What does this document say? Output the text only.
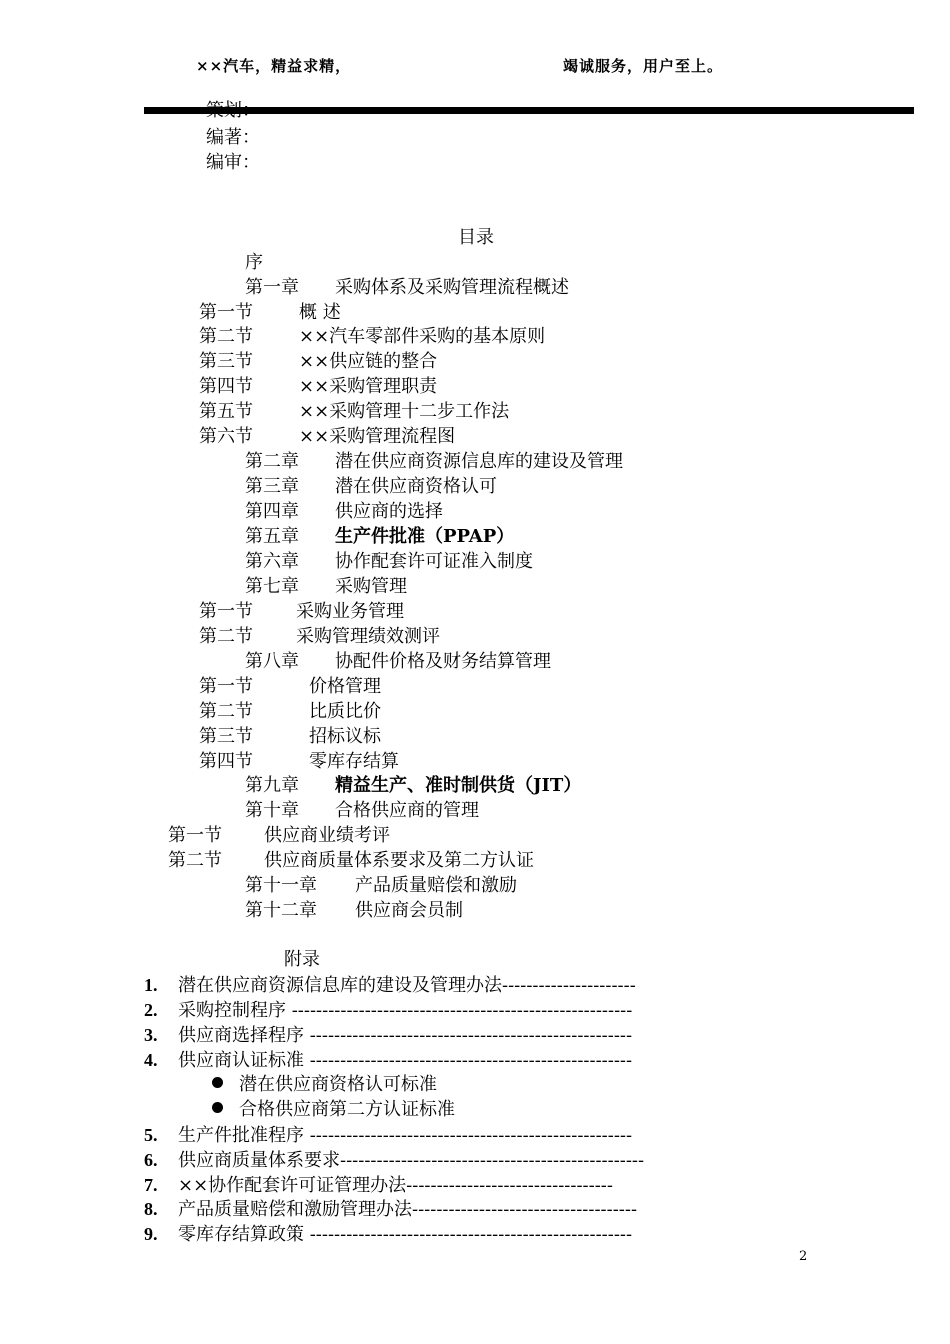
××汽车，精益求精，	竭诚服务，用户至上。
策划：
编著：
编审：
目录
序
第一章 采购体系及采购管理流程概述
第一节	概 述
第二节	××汽车零部件采购的基本原则
第三节	××供应链的整合
第四节	××采购管理职责
第五节	××采购管理十二步工作法
第六节	××采购管理流程图
第二章 潜在供应商资源信息库的建设及管理
第三章 潜在供应商资格认可
第四章 供应商的选择
第五章 生产件批准（PPAP）
第六章 协作配套许可证准入制度
第七章 采购管理
第一节 采购业务管理
第二节 采购管理绩效测评
第八章 协配件价格及财务结算管理
第一节	价格管理
第二节	比质比价
第三节	招标议标
第四节	零库存结算
第九章 精益生产、准时制供货（JIT）
第十章 合格供应商的管理
第一节 供应商业绩考评
第二节 供应商质量体系要求及第二方认证
第十一章 产品质量赔偿和激励
第十二章 供应商会员制
附录
1. 潜在供应商资源信息库的建设及管理办法----------------------
2. 采购控制程序 --------------------------------------------------------
3. 供应商选择程序 -----------------------------------------------------
4. 供应商认证标准 -----------------------------------------------------
潜在供应商资格认可标准
合格供应商第二方认证标准
5. 生产件批准程序 -----------------------------------------------------
6. 供应商质量体系要求--------------------------------------------------
7. ××协作配套许可证管理办法----------------------------------
8. 产品质量赔偿和激励管理办法-------------------------------------
9. 零库存结算政策 -----------------------------------------------------
2
